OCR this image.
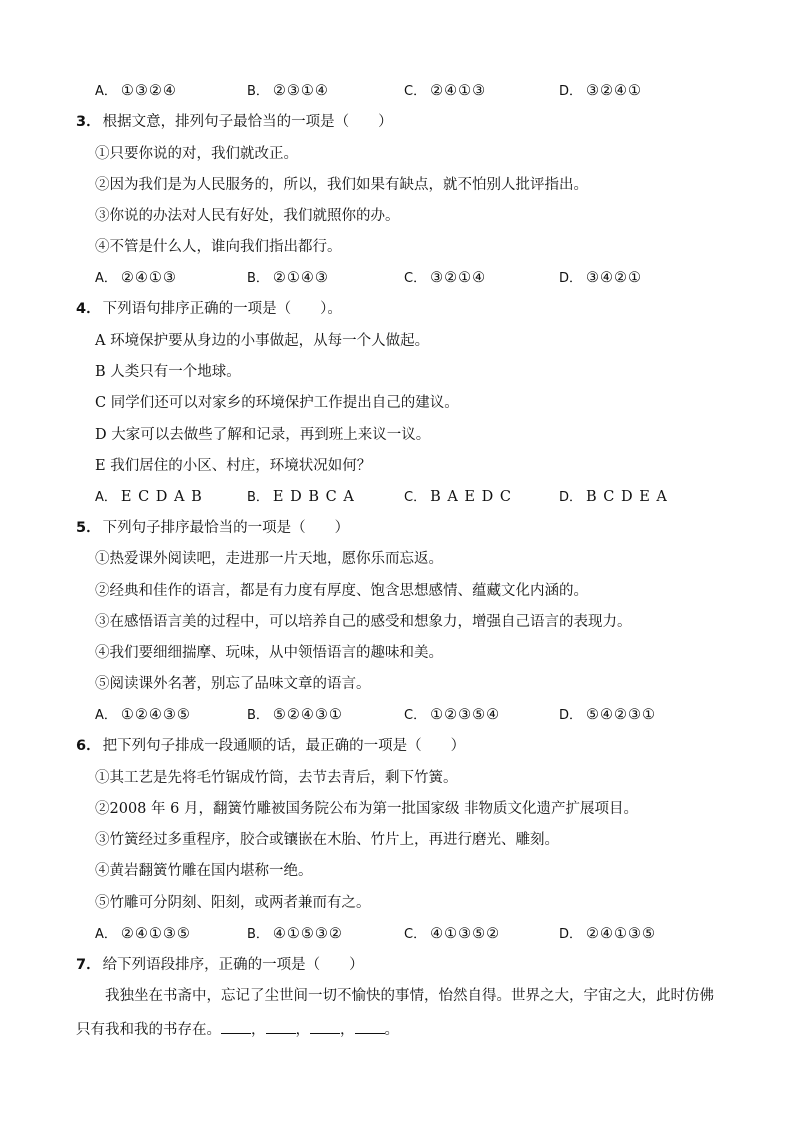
A． ①③②④	B． ②③①④	C． ②④①③	D． ③②④①
3． 根据文意，排列句子最恰当的一项是（　　）
①只要你说的对，我们就改正。
②因为我们是为人民服务的，所以，我们如果有缺点，就不怕别人批评指出。
③你说的办法对人民有好处，我们就照你的办。
④不管是什么人，谁向我们指出都行。
A． ②④①③	B． ②①④③	C． ③②①④	D． ③④②①
4． 下列语句排序正确的一项是（　　）。
A 环境保护要从身边的小事做起，从每一个人做起。
B 人类只有一个地球。
C 同学们还可以对家乡的环境保护工作提出自己的建议。
D 大家可以去做些了解和记录，再到班上来议一议。
E 我们居住的小区、村庄，环境状况如何？
A． E C D A B	B． E D B C A	C． B A E D C	D． B C D E A
5． 下列句子排序最恰当的一项是（　　）
①热爱课外阅读吧，走进那一片天地，愿你乐而忘返。
②经典和佳作的语言，都是有力度有厚度、饱含思想感情、蕴藏文化内涵的。
③在感悟语言美的过程中，可以培养自己的感受和想象力，增强自己语言的表现力。
④我们要细细揣摩、玩味，从中领悟语言的趣味和美。
⑤阅读课外名著，别忘了品味文章的语言。
A． ①②④③⑤	B． ⑤②④③①	C． ①②③⑤④	D． ⑤④②③①
6． 把下列句子排成一段通顺的话，最正确的一项是（　　）
①其工艺是先将毛竹锯成竹筒，去节去青后，剩下竹簧。
②2008 年 6 月，翻簧竹雕被国务院公布为第一批国家级 非物质文化遗产扩展项目。
③竹簧经过多重程序，胶合或镶嵌在木胎、竹片上，再进行磨光、雕刻。
④黄岩翻簧竹雕在国内堪称一绝。
⑤竹雕可分阴刻、阳刻，或两者兼而有之。
A． ②④①③⑤	B． ④①⑤③②	C． ④①③⑤②	D． ②④①③⑤
7． 给下列语段排序，正确的一项是（　　）
我独坐在书斋中，忘记了尘世间一切不愉快的事情，怡然自得。世界之大，宇宙之大，此时仿佛只有我和我的书存在。 ， ， ， 。
